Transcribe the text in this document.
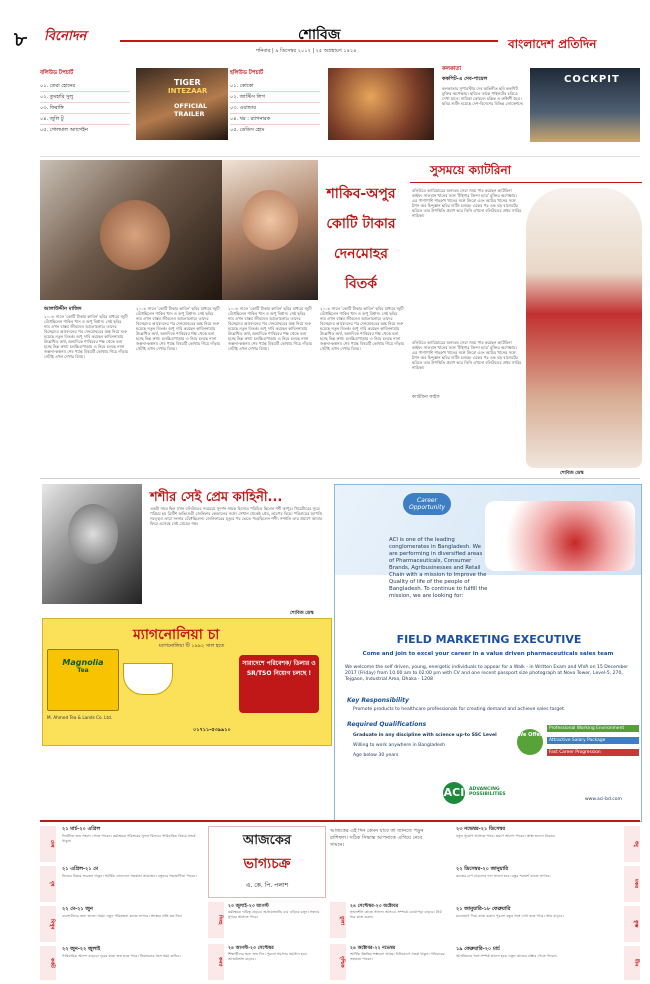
৮ বিনোদন	শোবিজ
শনিবার | ৯ ডিসেম্বর ২০১৭ | ২৫ অগ্রহায়ণ ১৪২৪	বাংলাদেশ প্রতিদিন
বলিউড টপচার্ট
০১. তেরা হোনের
০২. তুমহারি সুলু
০৩. ফিরাঙ্গি
০৪. জুলি টু
০৫. গোলমাল অ্যাগেইন
TIGER
INTEZAAR
OFFICIAL
TRAILER
হলিউড টপচার্ট
০১. কোকো
০২. জাস্টিস লিগ
০৩. ওয়ান্ডার
০৪. থর : র‍্যাগনারক
০৫. ডেডিস হোম
কলকাতা
ককপিট-এ দেব-পায়েল
কলকাতার সুপারস্টার দেব অভিনীত ছবি ককপিট মুক্তির অপেক্ষায়। ছবিতে তাকে পাইলটের চরিত্রে দেখা যাবে। নায়িকা কোয়েল মল্লিক ও রুক্মিণী মৈত্র। ছবির শুটিং হয়েছে দেশ-বিদেশের বিভিন্ন লোকেশনে।
COCKPIT
শাকিব-অপুর
কোটি টাকার
দেনমোহর
বিতর্ক
আলাউদ্দীন মাজিদ
২০০৮ সালে 'কোটি টাকার কাবিন' ছবির মাধ্যমে জুটি বেঁধেছিলেন শাকিব খান ও অপু বিশ্বাস। সেই ছবির নাম এখন বাস্তব জীবনেও আলোচনায়। তাদের বিচ্ছেদের আবেদনের পর দেনমোহরের অঙ্ক নিয়ে শুরু হয়েছে নতুন বিতর্ক। অপু দাবি করছেন কাবিননামায় উল্লেখিত অর্থ, অন্যদিকে শাকিবের পক্ষ থেকে বলা হচ্ছে ভিন্ন কথা। চলচ্চিত্রপাড়ায় এ নিয়ে চলছে নানা জল্পনা-কল্পনা। শেষ পর্যন্ত বিষয়টি কোথায় গিয়ে দাঁড়ায় সেটাই এখন দেখার বিষয়।
২০০৮ সালে 'কোটি টাকার কাবিন' ছবির মাধ্যমে জুটি বেঁধেছিলেন শাকিব খান ও অপু বিশ্বাস। সেই ছবির নাম এখন বাস্তব জীবনেও আলোচনায়। তাদের বিচ্ছেদের আবেদনের পর দেনমোহরের অঙ্ক নিয়ে শুরু হয়েছে নতুন বিতর্ক। অপু দাবি করছেন কাবিননামায় উল্লেখিত অর্থ, অন্যদিকে শাকিবের পক্ষ থেকে বলা হচ্ছে ভিন্ন কথা। চলচ্চিত্রপাড়ায় এ নিয়ে চলছে নানা জল্পনা-কল্পনা। শেষ পর্যন্ত বিষয়টি কোথায় গিয়ে দাঁড়ায় সেটাই এখন দেখার বিষয়।
২০০৮ সালে 'কোটি টাকার কাবিন' ছবির মাধ্যমে জুটি বেঁধেছিলেন শাকিব খান ও অপু বিশ্বাস। সেই ছবির নাম এখন বাস্তব জীবনেও আলোচনায়। তাদের বিচ্ছেদের আবেদনের পর দেনমোহরের অঙ্ক নিয়ে শুরু হয়েছে নতুন বিতর্ক। অপু দাবি করছেন কাবিননামায় উল্লেখিত অর্থ, অন্যদিকে শাকিবের পক্ষ থেকে বলা হচ্ছে ভিন্ন কথা। চলচ্চিত্রপাড়ায় এ নিয়ে চলছে নানা জল্পনা-কল্পনা। শেষ পর্যন্ত বিষয়টি কোথায় গিয়ে দাঁড়ায় সেটাই এখন দেখার বিষয়।
২০০৮ সালে 'কোটি টাকার কাবিন' ছবির মাধ্যমে জুটি বেঁধেছিলেন শাকিব খান ও অপু বিশ্বাস। সেই ছবির নাম এখন বাস্তব জীবনেও আলোচনায়। তাদের বিচ্ছেদের আবেদনের পর দেনমোহরের অঙ্ক নিয়ে শুরু হয়েছে নতুন বিতর্ক। অপু দাবি করছেন কাবিননামায় উল্লেখিত অর্থ, অন্যদিকে শাকিবের পক্ষ থেকে বলা হচ্ছে ভিন্ন কথা। চলচ্চিত্রপাড়ায় এ নিয়ে চলছে নানা জল্পনা-কল্পনা। শেষ পর্যন্ত বিষয়টি কোথায় গিয়ে দাঁড়ায় সেটাই এখন দেখার বিষয়।
সুসময়ে ক্যাটরিনা
বলিউডে ক্যারিয়ারের অন্যতম সেরা সময় পার করছেন ক্যাটরিনা কাইফ। সালমান খানের সঙ্গে 'টাইগার জিন্দা হ্যায়' মুক্তির অপেক্ষায়। এর পাশাপাশি শাহরুখ খানের সঙ্গে জিরো এবং আমির খানের সঙ্গে ঠগস অব হিন্দুস্তান ছবির শুটিং চলছে। একের পর এক বড় বাজেটের ছবিতে তার উপস্থিতি প্রমাণ করে তিনি এখনো বলিউডের প্রথম সারির নায়িকা।
বলিউডে ক্যারিয়ারের অন্যতম সেরা সময় পার করছেন ক্যাটরিনা কাইফ। সালমান খানের সঙ্গে 'টাইগার জিন্দা হ্যায়' মুক্তির অপেক্ষায়। এর পাশাপাশি শাহরুখ খানের সঙ্গে জিরো এবং আমির খানের সঙ্গে ঠগস অব হিন্দুস্তান ছবির শুটিং চলছে। একের পর এক বড় বাজেটের ছবিতে তার উপস্থিতি প্রমাণ করে তিনি এখনো বলিউডের প্রথম সারির নায়িকা।
ক্যাটরিনা কাইফ
শোবিজ ডেস্ক
শশীর সেই প্রেম কাহিনী...
একটা সময় ছিল যখন বলিউডের সবচেয়ে সুদর্শন নায়ক হিসেবে পরিচিত ছিলেন শশী কাপুর। থিয়েটারের সূত্রে পরিচয় হয় ব্রিটিশ অভিনেত্রী জেনিফার কেন্ডালের সঙ্গে। সেখান থেকেই প্রেম, তারপর বিয়ে। পরিবারের আপত্তি সত্ত্বেও তারা সংসার বেঁধেছিলেন। জেনিফারের মৃত্যুর পর ভেঙে পড়েছিলেন শশী। সম্প্রতি তার প্রয়াণে আবার ফিরে এসেছে সেই প্রেমের গল্প।
শোবিজ ডেস্ক
Career Opportunity
ACI is one of the leading conglomerates in Bangladesh. We are performing in diversified areas of Pharmaceuticals, Consumer Brands, Agribusinesses and Retail Chain with a mission to Improve the Quality of life of the people of Bangladesh. To continue to fulfill the mission, we are looking for:
FIELD MARKETING EXECUTIVE
Come and join to excel your career in a value driven pharmaceuticals sales team
We welcome the self driven, young, energetic individuals to appear for a Walk - in Written Exam and VIVA on 15 December 2017 (Friday) from 10.00 am to 02:00 pm with CV and one recent passport size photograph at Novo Tower, Level-5, 270, Tejgaon, Industrial Area, Dhaka - 1208
Key Responsibility
Promote products to healthcare professionals for creating demand and achieve sales target.
Required Qualifications
Graduate in any discipline with science up-to SSC Level
Willing to work anywhere in Bangladesh
Age below 30 years
We Offer
Professional Working Environment
Attractive Salary Package
Fast Career Progression
ACI ADVANCING POSSIBILITIES
www.aci-bd.com
ম্যাগনোলিয়া চা
ম্যাগনোলিয়া টি ১৯৯২ সাল হতে
Magnolia
Tea
সারাদেশে পরিবেশক/ ডিলার ও SR/TSO নিয়োগ চলছে !
M. Ahmed Tea & Lands Co. Ltd.
০১৭১১-৫৩৯৯১০
আজকের
ভাগ্যচক্র
এ. কে. পি. পলাশ
আজকের এই দিন কেমন যাবে তা জানতে পড়ুন রাশিফল। সঠিক সিদ্ধান্ত আপনাকে এগিয়ে নেবে সামনে।
মেষ
২১ মার্চ-২০ এপ্রিল
দিনটিতে শুভ সংবাদ পেতে পারেন। কর্মক্ষেত্রে পরিশ্রমের সুফল মিলবে। পারিবারিক বিষয়ে সতর্ক থাকুন।
বৃষ
২১ এপ্রিল-২১ মে
নিজের বিষয়ে সচেতন থাকুন। আর্থিক লেনদেনে সতর্কতা প্রয়োজন। বন্ধুদের সহযোগিতা পাবেন।
মিথুন
২২ মে-২১ জুন
ব্যবসায়ীদের জন্য ভালো সময়। নতুন পরিকল্পনা কাজে লাগবে। স্বাস্থ্যের প্রতি যত্ন নিন।
কর্কট
২২ জুন-২২ জুলাই
পারিবারিক আনন্দ বাড়বে। দূরের যাত্রা শুভ হতে পারে। প্রিয়জনের সঙ্গে সময় কাটবে।
সিংহ
২৩ জুলাই-২৩ আগস্ট
কর্মক্ষেত্রে দায়িত্ব বাড়বে। অপ্রয়োজনীয় ব্যয় এড়িয়ে চলুন। সন্ধ্যায় সুখবর আসতে পারে।
কন্যা
২৪ আগস্ট-২৩ সেপ্টেম্বর
শিক্ষার্থীদের জন্য শুভ দিন। পুরনো সমস্যার সমাধান হবে। আত্মবিশ্বাস বাড়বে।
তুলা
২৪ সেপ্টেম্বর-২৩ অক্টোবর
সৃজনশীল কাজে সাফল্য আসবে। সম্পর্কে বোঝাপড়া বাড়বে। ধৈর্য ধরে কাজ করুন।
বৃশ্চিক
২৪ অক্টোবর-২২ নভেম্বর
আর্থিক উন্নতির সম্ভাবনা আছে। বিনিয়োগে সতর্ক থাকুন। পরিবারের সহায়তা পাবেন।
ধনু
২৩ নভেম্বর-২১ ডিসেম্বর
নতুন সুযোগ আসতে পারে। ভ্রমণে আনন্দ পাবেন। স্বাস্থ্য ভালো থাকবে।
মকর
২২ ডিসেম্বর-২০ জানুয়ারি
কাজের চাপ বাড়লেও ফল ভালো হবে। বন্ধুর পরামর্শ কাজে লাগবে।
কুম্ভ
২১ জানুয়ারি-১৮ ফেব্রুয়ারি
মনোযোগ দিয়ে কাজ করুন। পুরনো বন্ধুর সঙ্গে দেখা হতে পারে। আয় বাড়বে।
মীন
১৯ ফেব্রুয়ারি-২০ মার্চ
আত্মীয়দের সঙ্গে সম্পর্ক ভালো হবে। নতুন কাজের প্রস্তাব পেতে পারেন।
